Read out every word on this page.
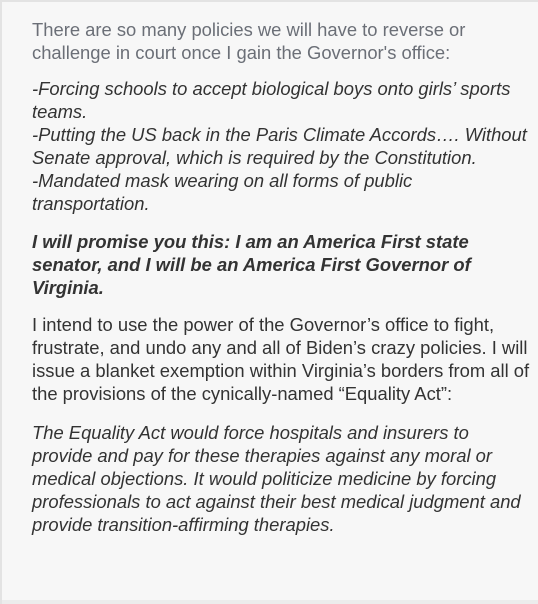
There are so many policies we will have to reverse or challenge in court once I gain the Governor's office:

-Forcing schools to accept biological boys onto girls’ sports teams.
-Putting the US back in the Paris Climate Accords…. Without Senate approval, which is required by the Constitution.
-Mandated mask wearing on all forms of public transportation.

I will promise you this: I am an America First state senator, and I will be an America First Governor of Virginia.

I intend to use the power of the Governor’s office to fight, frustrate, and undo any and all of Biden’s crazy policies. I will issue a blanket exemption within Virginia’s borders from all of the provisions of the cynically-named “Equality Act”:

The Equality Act would force hospitals and insurers to provide and pay for these therapies against any moral or medical objections. It would politicize medicine by forcing professionals to act against their best medical judgment and provide transition-affirming therapies.
